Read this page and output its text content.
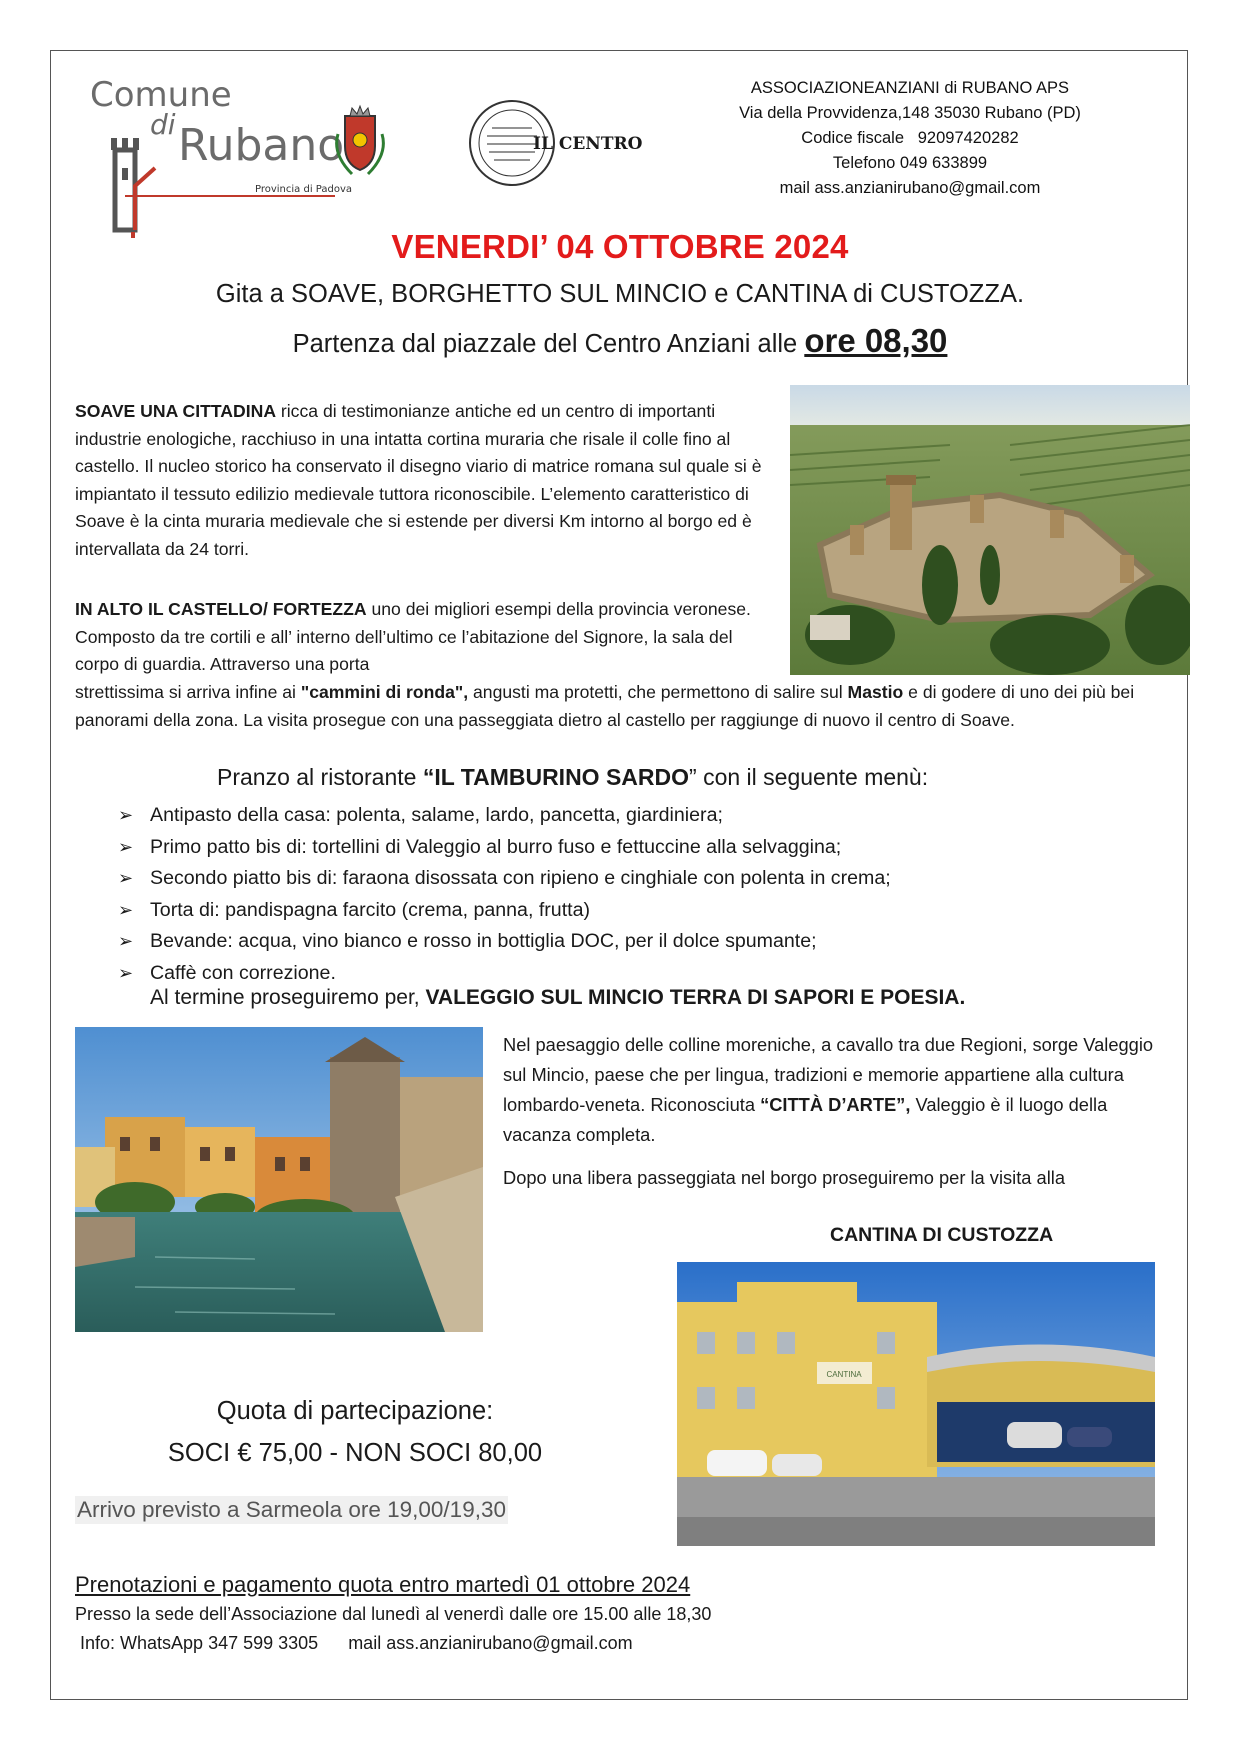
Comune
di Rubano
Provincia di Padova
IL CENTRO
ASSOCIAZIONEANZIANI di RUBANO APS
Via della Provvidenza,148 35030 Rubano (PD)
Codice fiscale   92097420282
Telefono 049 633899
mail ass.anzianirubano@gmail.com
VENERDI’ 04 OTTOBRE 2024
Gita a SOAVE, BORGHETTO SUL MINCIO e CANTINA di CUSTOZZA.
Partenza dal piazzale del Centro Anziani alle ore 08,30
SOAVE UNA CITTADINA ricca di testimonianze antiche ed un centro di importanti industrie enologiche, racchiuso in una intatta cortina muraria che risale il colle fino al castello. Il nucleo storico ha conservato il disegno viario di matrice romana sul quale si è impiantato il tessuto edilizio medievale tuttora riconoscibile. L’elemento caratteristico di Soave è la cinta muraria medievale che si estende per diversi Km intorno al borgo ed è intervallata da 24 torri.
IN ALTO IL CASTELLO/ FORTEZZA uno dei migliori esempi della provincia veronese. Composto da tre cortili e all’ interno dell’ultimo ce l’abitazione del Signore, la sala del corpo di guardia. Attraverso una porta
strettissima si arriva infine ai "cammini di ronda", angusti ma protetti, che permettono di salire sul Mastio e di godere di uno dei più bei panorami della zona. La visita prosegue con una passeggiata dietro al castello per raggiunge di nuovo il centro di Soave.
Pranzo al ristorante “IL TAMBURINO SARDO” con il seguente menù:
➢ Antipasto della casa: polenta, salame, lardo, pancetta, giardiniera;
➢ Primo patto bis di: tortellini di Valeggio al burro fuso e fettuccine alla selvaggina;
➢ Secondo piatto bis di: faraona disossata con ripieno e cinghiale con polenta in crema;
➢ Torta di: pandispagna farcito (crema, panna, frutta)
➢ Bevande: acqua, vino bianco e rosso in bottiglia DOC, per il dolce spumante;
➢ Caffè con correzione.
Al termine proseguiremo per, VALEGGIO SUL MINCIO TERRA DI SAPORI E POESIA.
Nel paesaggio delle colline moreniche, a cavallo tra due Regioni, sorge Valeggio sul Mincio, paese che per lingua, tradizioni e memorie appartiene alla cultura lombardo-veneta. Riconosciuta “CITTÀ D’ARTE”, Valeggio è il luogo della vacanza completa.
Dopo una libera passeggiata nel borgo proseguiremo per la visita alla
CANTINA DI CUSTOZZA
CANTINA
Quota di partecipazione:
SOCI € 75,00 - NON SOCI 80,00
Arrivo previsto a Sarmeola ore 19,00/19,30
Prenotazioni e pagamento quota entro martedì 01 ottobre 2024
Presso la sede dell’Associazione dal lunedì al venerdì dalle ore 15.00 alle 18,30
Info: WhatsApp 347 599 3305 mail ass.anzianirubano@gmail.com
